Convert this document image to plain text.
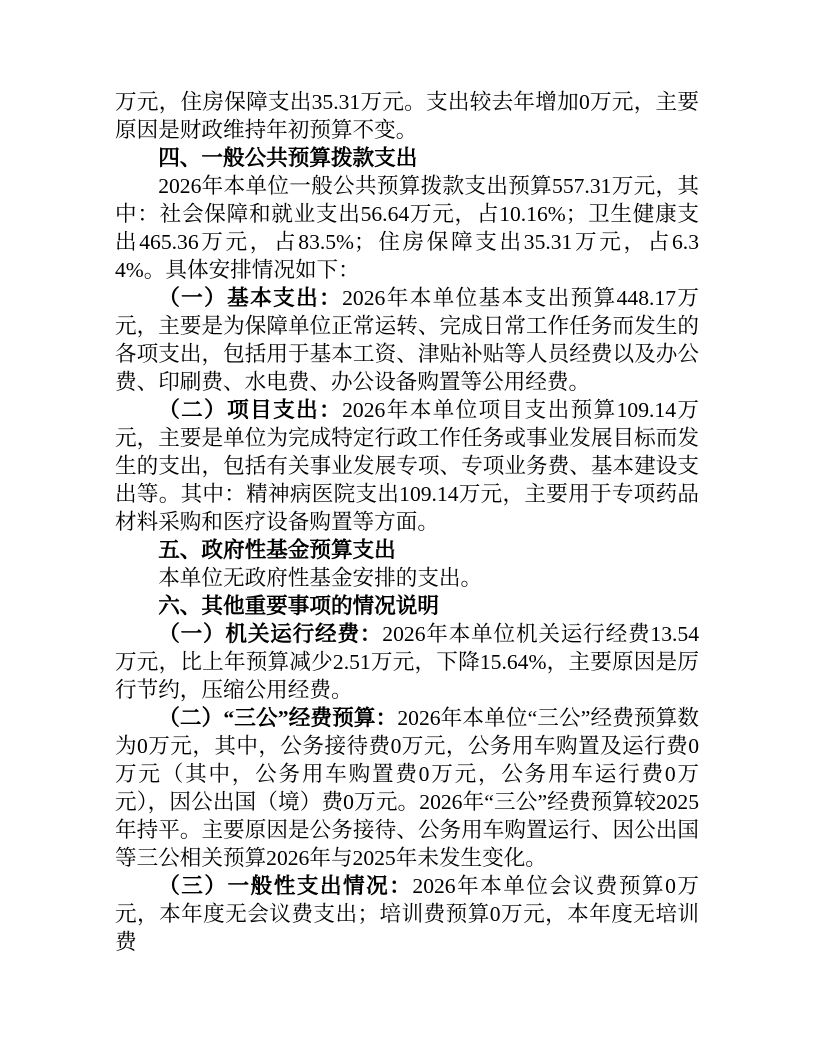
万元，住房保障支出35.31万元。支出较去年增加0万元，主要原因是财政维持年初预算不变。

四、一般公共预算拨款支出

2026年本单位一般公共预算拨款支出预算557.31万元，其中：社会保障和就业支出56.64万元，占10.16%；卫生健康支出465.36万元，占83.5%；住房保障支出35.31万元，占6.34%。具体安排情况如下：

（一）基本支出：2026年本单位基本支出预算448.17万元，主要是为保障单位正常运转、完成日常工作任务而发生的各项支出，包括用于基本工资、津贴补贴等人员经费以及办公费、印刷费、水电费、办公设备购置等公用经费。

（二）项目支出：2026年本单位项目支出预算109.14万元，主要是单位为完成特定行政工作任务或事业发展目标而发生的支出，包括有关事业发展专项、专项业务费、基本建设支出等。其中：精神病医院支出109.14万元，主要用于专项药品材料采购和医疗设备购置等方面。

五、政府性基金预算支出

本单位无政府性基金安排的支出。

六、其他重要事项的情况说明

（一）机关运行经费：2026年本单位机关运行经费13.54万元，比上年预算减少2.51万元，下降15.64%，主要原因是厉行节约，压缩公用经费。

（二）“三公”经费预算：2026年本单位“三公”经费预算数为0万元，其中，公务接待费0万元，公务用车购置及运行费0万元（其中，公务用车购置费0万元，公务用车运行费0万元），因公出国（境）费0万元。2026年“三公”经费预算较2025年持平。主要原因是公务接待、公务用车购置运行、因公出国等三公相关预算2026年与2025年未发生变化。

（三）一般性支出情况：2026年本单位会议费预算0万元，本年度无会议费支出；培训费预算0万元，本年度无培训费
